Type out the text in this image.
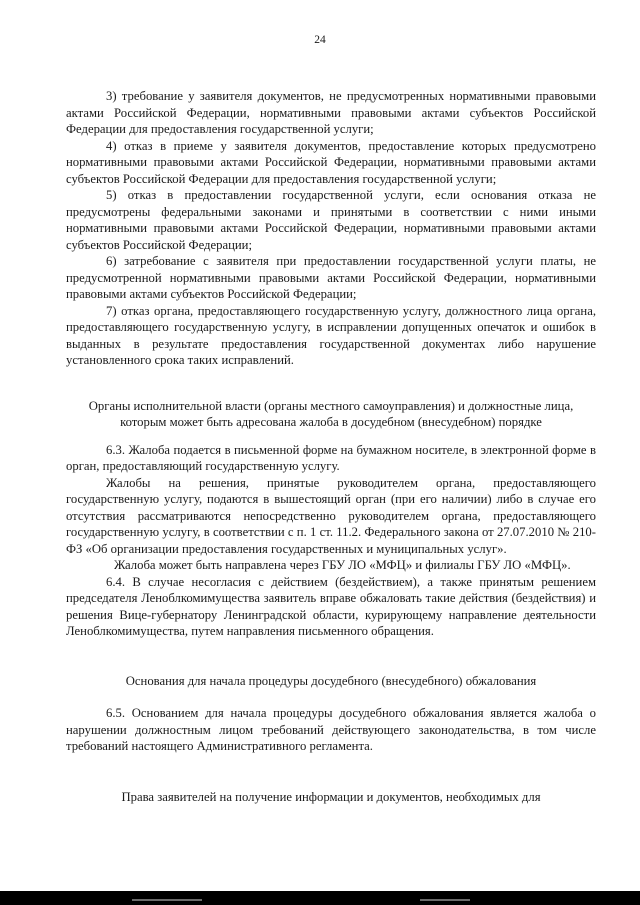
24

3) требование у заявителя документов, не предусмотренных нормативными правовыми актами Российской Федерации, нормативными правовыми актами субъектов Российской Федерации для предоставления государственной услуги;

4) отказ в приеме у заявителя документов, предоставление которых предусмотрено нормативными правовыми актами Российской Федерации, нормативными правовыми актами субъектов Российской Федерации для предоставления государственной услуги;

5) отказ в предоставлении государственной услуги, если основания отказа не предусмотрены федеральными законами и принятыми в соответствии с ними иными нормативными правовыми актами Российской Федерации, нормативными правовыми актами субъектов Российской Федерации;

6) затребование с заявителя при предоставлении государственной услуги платы, не предусмотренной нормативными правовыми актами Российской Федерации, нормативными правовыми актами субъектов Российской Федерации;

7) отказ органа, предоставляющего государственную услугу, должностного лица органа, предоставляющего государственную услугу, в исправлении допущенных опечаток и ошибок в выданных в результате предоставления государственной документах либо нарушение установленного срока таких исправлений.

Органы исполнительной власти (органы местного самоуправления) и должностные лица, которым может быть адресована жалоба в досудебном (внесудебном) порядке

6.3. Жалоба подается в письменной форме на бумажном носителе, в электронной форме в орган, предоставляющий государственную услугу.

Жалобы на решения, принятые руководителем органа, предоставляющего государственную услугу, подаются в вышестоящий орган (при его наличии) либо в случае его отсутствия рассматриваются непосредственно руководителем органа, предоставляющего государственную услугу, в соответствии с п. 1 ст. 11.2. Федерального закона от 27.07.2010 № 210-ФЗ «Об организации предоставления государственных и муниципальных услуг».

Жалоба может быть направлена через ГБУ ЛО «МФЦ» и филиалы ГБУ ЛО «МФЦ».

6.4. В случае несогласия с действием (бездействием), а также принятым решением председателя Леноблкомимущества заявитель вправе обжаловать такие действия (бездействия) и решения Вице-губернатору Ленинградской области, курирующему направление деятельности Леноблкомимущества, путем направления письменного обращения.

Основания для начала процедуры досудебного (внесудебного) обжалования

6.5. Основанием для начала процедуры досудебного обжалования является жалоба о нарушении должностным лицом требований действующего законодательства, в том числе требований настоящего Административного регламента.

Права заявителей на получение информации и документов, необходимых для
